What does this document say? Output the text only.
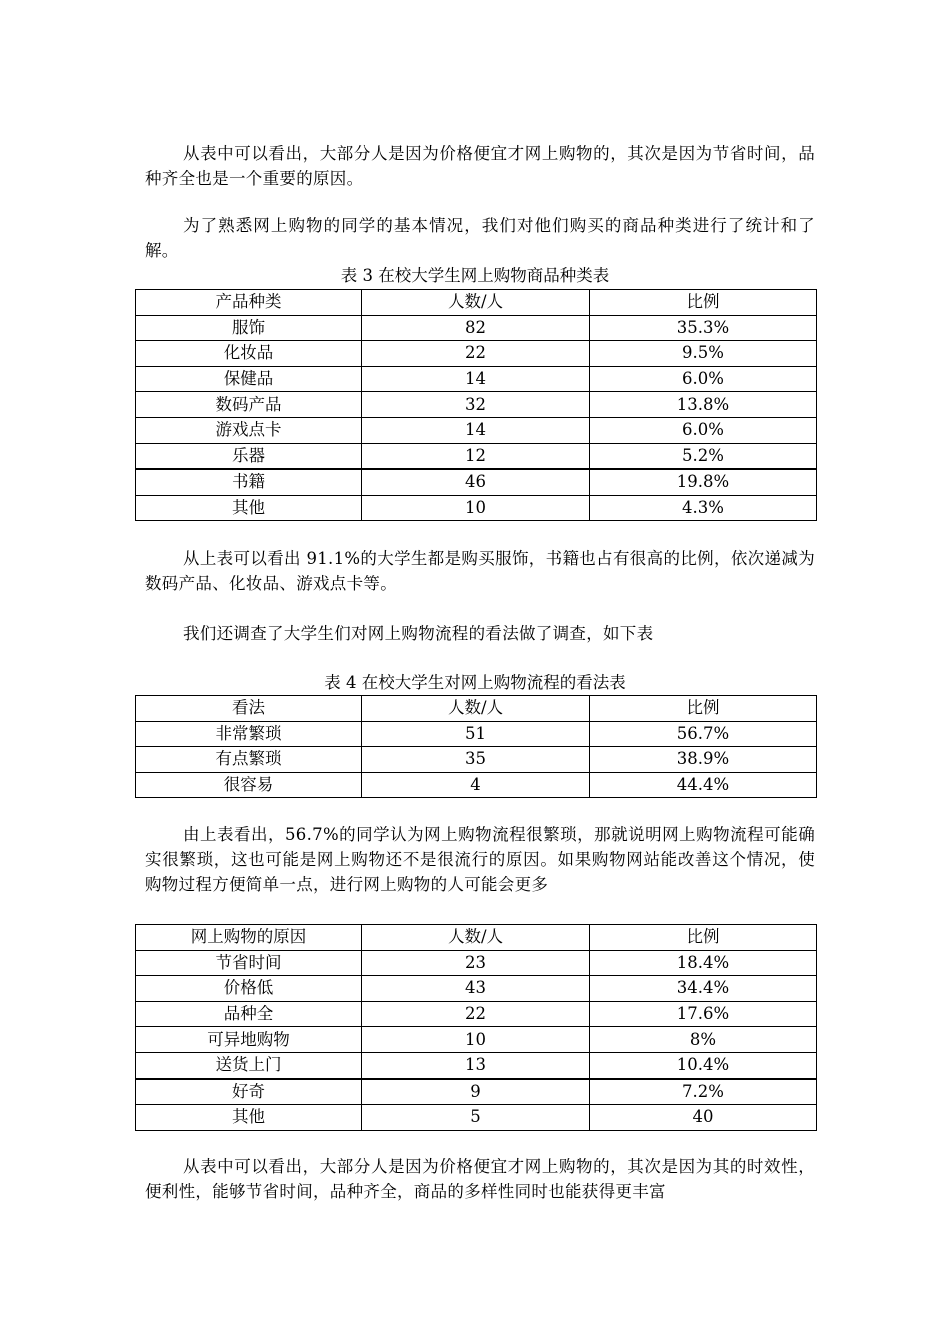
从表中可以看出，大部分人是因为价格便宜才网上购物的，其次是因为节省时间，品种齐全也是一个重要的原因。

为了熟悉网上购物的同学的基本情况，我们对他们购买的商品种类进行了统计和了解。

表 3 在校大学生网上购物商品种类表

产品种类	人数/人	比例
服饰	82	35.3%
化妆品	22	9.5%
保健品	14	6.0%
数码产品	32	13.8%
游戏点卡	14	6.0%
乐器	12	5.2%
书籍	46	19.8%
其他	10	4.3%

从上表可以看出 91.1%的大学生都是购买服饰，书籍也占有很高的比例，依次递减为数码产品、化妆品、游戏点卡等。

我们还调查了大学生们对网上购物流程的看法做了调查，如下表

表 4 在校大学生对网上购物流程的看法表

看法	人数/人	比例
非常繁琐	51	56.7%
有点繁琐	35	38.9%
很容易	4	44.4%

由上表看出，56.7%的同学认为网上购物流程很繁琐，那就说明网上购物流程可能确实很繁琐，这也可能是网上购物还不是很流行的原因。如果购物网站能改善这个情况，使购物过程方便简单一点，进行网上购物的人可能会更多

网上购物的原因	人数/人	比例
节省时间	23	18.4%
价格低	43	34.4%
品种全	22	17.6%
可异地购物	10	8%
送货上门	13	10.4%
好奇	9	7.2%
其他	5	40

从表中可以看出，大部分人是因为价格便宜才网上购物的，其次是因为其的时效性，便利性，能够节省时间，品种齐全，商品的多样性同时也能获得更丰富
